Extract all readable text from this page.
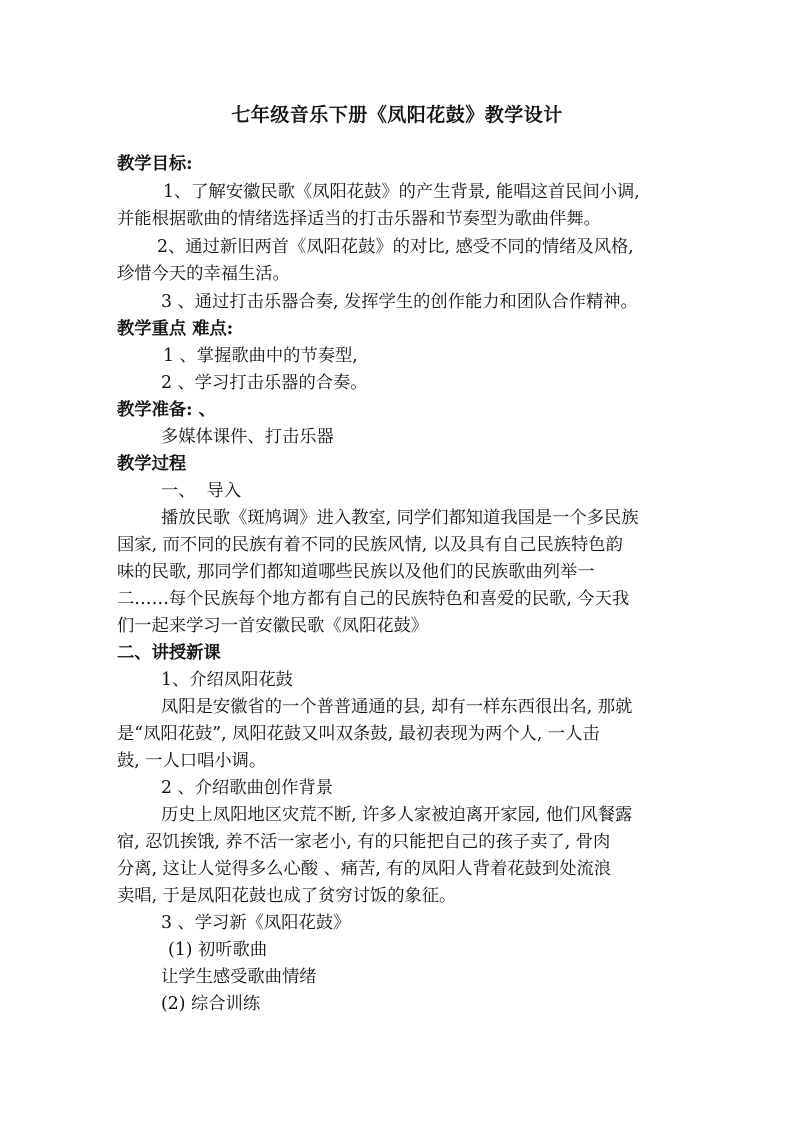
七年级音乐下册《凤阳花鼓》教学设计
教学目标:
1、了解安徽民歌《凤阳花鼓》的产生背景, 能唱这首民间小调,
并能根据歌曲的情绪选择适当的打击乐器和节奏型为歌曲伴舞。
2、通过新旧两首《凤阳花鼓》的对比, 感受不同的情绪及风格,
珍惜今天的幸福生活。
3 、通过打击乐器合奏, 发挥学生的创作能力和团队合作精神。
教学重点 难点:
1 、掌握歌曲中的节奏型,
2 、学习打击乐器的合奏。
教学准备: 、
多媒体课件、打击乐器
教学过程
一、  导入
播放民歌《斑鸠调》进入教室, 同学们都知道我国是一个多民族
国家, 而不同的民族有着不同的民族风情, 以及具有自己民族特色韵
味的民歌, 那同学们都知道哪些民族以及他们的民族歌曲列举一
二……每个民族每个地方都有自己的民族特色和喜爱的民歌, 今天我
们一起来学习一首安徽民歌《凤阳花鼓》
二、讲授新课
1、介绍凤阳花鼓
凤阳是安徽省的一个普普通通的县, 却有一样东西很出名, 那就
是“凤阳花鼓”, 凤阳花鼓又叫双条鼓, 最初表现为两个人, 一人击
鼓, 一人口唱小调。
2 、介绍歌曲创作背景
历史上凤阳地区灾荒不断, 许多人家被迫离开家园, 他们风餐露
宿, 忍饥挨饿, 养不活一家老小, 有的只能把自己的孩子卖了, 骨肉
分离, 这让人觉得多么心酸 、痛苦, 有的凤阳人背着花鼓到处流浪
卖唱, 于是凤阳花鼓也成了贫穷讨饭的象征。
3 、学习新《凤阳花鼓》
(1) 初听歌曲
让学生感受歌曲情绪
(2) 综合训练
